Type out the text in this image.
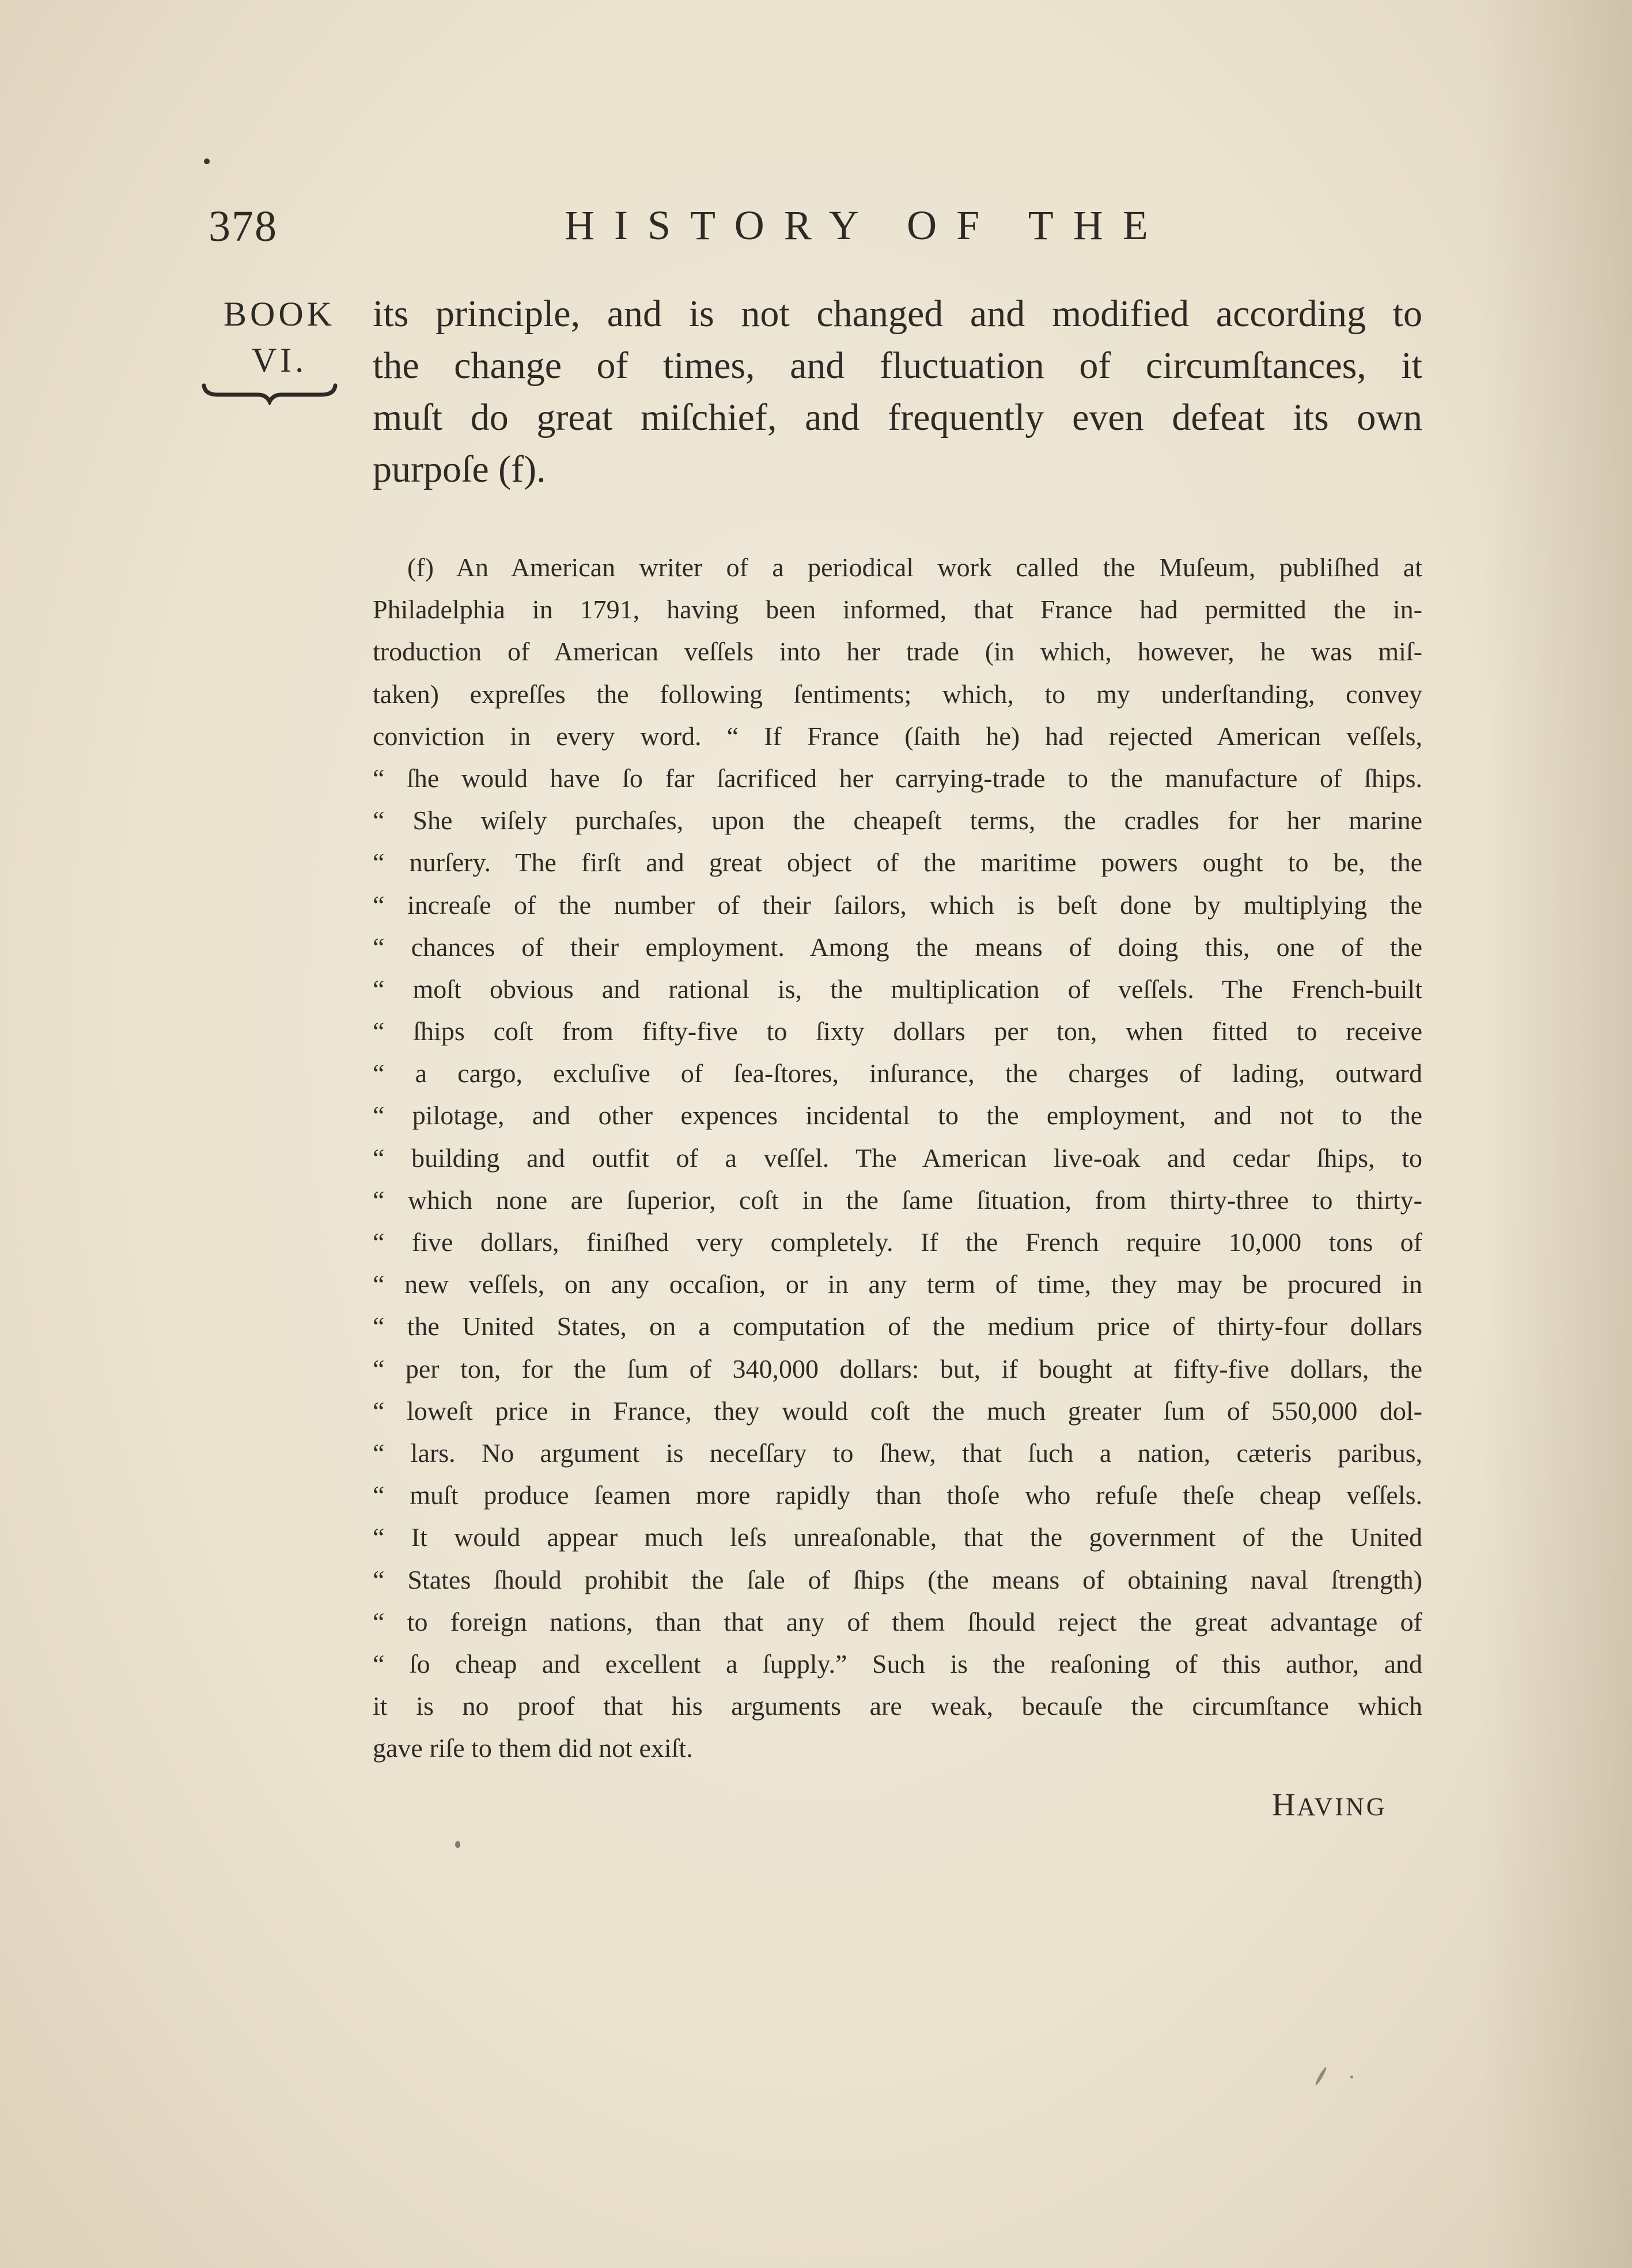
378	HISTORY OF THE
BOOK
VI.
its principle, and is not changed and modified according to
the change of times, and fluctuation of circumſtances, it
muſt do great miſchief, and frequently even defeat its own
purpoſe (f).
(f) An American writer of a periodical work called the Muſeum, publiſhed at
Philadelphia in 1791, having been informed, that France had permitted the in-
troduction of American veſſels into her trade (in which, however, he was miſ-
taken) expreſſes the following ſentiments; which, to my underſtanding, convey
conviction in every word. “ If France (ſaith he) had rejected American veſſels,
“ ſhe would have ſo far ſacrificed her carrying-trade to the manufacture of ſhips.
“ She wiſely purchaſes, upon the cheapeſt terms, the cradles for her marine
“ nurſery. The firſt and great object of the maritime powers ought to be, the
“ increaſe of the number of their ſailors, which is beſt done by multiplying the
“ chances of their employment. Among the means of doing this, one of the
“ moſt obvious and rational is, the multiplication of veſſels. The French-built
“ ſhips coſt from fifty-five to ſixty dollars per ton, when fitted to receive
“ a cargo, excluſive of ſea-ſtores, inſurance, the charges of lading, outward
“ pilotage, and other expences incidental to the employment, and not to the
“ building and outfit of a veſſel. The American live-oak and cedar ſhips, to
“ which none are ſuperior, coſt in the ſame ſituation, from thirty-three to thirty-
“ five dollars, finiſhed very completely. If the French require 10,000 tons of
“ new veſſels, on any occaſion, or in any term of time, they may be procured in
“ the United States, on a computation of the medium price of thirty-four dollars
“ per ton, for the ſum of 340,000 dollars: but, if bought at fifty-five dollars, the
“ loweſt price in France, they would coſt the much greater ſum of 550,000 dol-
“ lars. No argument is neceſſary to ſhew, that ſuch a nation, cæteris paribus,
“ muſt produce ſeamen more rapidly than thoſe who refuſe theſe cheap veſſels.
“ It would appear much leſs unreaſonable, that the government of the United
“ States ſhould prohibit the ſale of ſhips (the means of obtaining naval ſtrength)
“ to foreign nations, than that any of them ſhould reject the great advantage of
“ ſo cheap and excellent a ſupply.” Such is the reaſoning of this author, and
it is no proof that his arguments are weak, becauſe the circumſtance which
gave riſe to them did not exiſt.
HAVING
